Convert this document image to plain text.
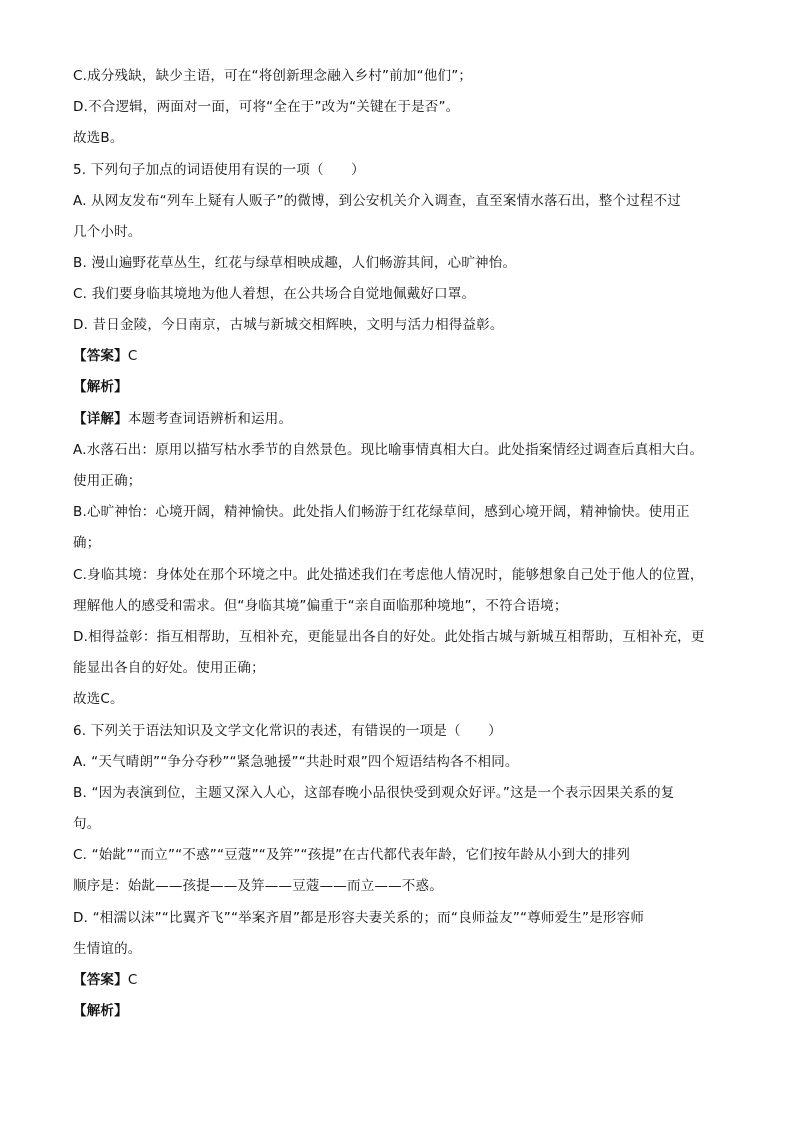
C.成分残缺，缺少主语，可在“将创新理念融入乡村”前加“他们”；
D.不合逻辑，两面对一面，可将“全在于”改为“关键在于是否”。
故选B。
5. 下列句子加点的词语使用有误的一项（　　）
A. 从网友发布“列车上疑有人贩子”的微博，到公安机关介入调查，直至案情水落石出，整个过程不过
几个小时。
B. 漫山遍野花草丛生，红花与绿草相映成趣，人们畅游其间，心旷神怡。
C. 我们要身临其境地为他人着想，在公共场合自觉地佩戴好口罩。
D. 昔日金陵，今日南京，古城与新城交相辉映，文明与活力相得益彰。
【答案】C
【解析】
【详解】本题考查词语辨析和运用。
A.水落石出：原用以描写枯水季节的自然景色。现比喻事情真相大白。此处指案情经过调查后真相大白。
使用正确；
B.心旷神怡：心境开阔，精神愉快。此处指人们畅游于红花绿草间，感到心境开阔，精神愉快。使用正
确；
C.身临其境：身体处在那个环境之中。此处描述我们在考虑他人情况时，能够想象自己处于他人的位置，
理解他人的感受和需求。但“身临其境”偏重于“亲自面临那种境地”，不符合语境；
D.相得益彰：指互相帮助，互相补充，更能显出各自的好处。此处指古城与新城互相帮助，互相补充，更
能显出各自的好处。使用正确；
故选C。
6. 下列关于语法知识及文学文化常识的表述，有错误的一项是（　　）
A. “天气晴朗”“争分夺秒”“紧急驰援”“共赴时艰”四个短语结构各不相同。
B. “因为表演到位，主题又深入人心，这部春晚小品很快受到观众好评。”这是一个表示因果关系的复
句。
C. “始龀”“而立”“不惑”“豆蔻”“及笄”“孩提”在古代都代表年龄，它们按年龄从小到大的排列
顺序是：始龀——孩提——及笄——豆蔻——而立——不惑。
D. “相濡以沫”“比翼齐飞”“举案齐眉”都是形容夫妻关系的；而“良师益友”“尊师爱生”是形容师
生情谊的。
【答案】C
【解析】
